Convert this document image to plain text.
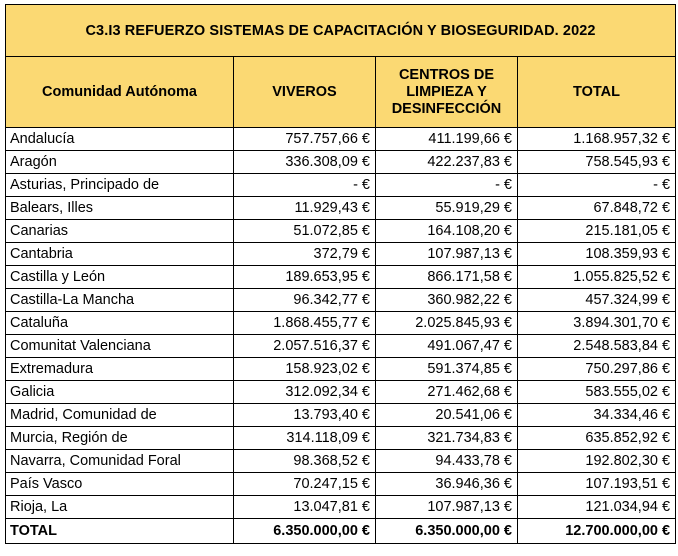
C3.I3 REFUERZO SISTEMAS DE CAPACITACIÓN Y BIOSEGURIDAD. 2022			
Comunidad Autónoma	VIVEROS	CENTROS DE LIMPIEZA Y DESINFECCIÓN	TOTAL
Andalucía	757.757,66 €	411.199,66 €	1.168.957,32 €
Aragón	336.308,09 €	422.237,83 €	758.545,93 €
Asturias, Principado de	- €	- €	- €
Balears, Illes	11.929,43 €	55.919,29 €	67.848,72 €
Canarias	51.072,85 €	164.108,20 €	215.181,05 €
Cantabria	372,79 €	107.987,13 €	108.359,93 €
Castilla y León	189.653,95 €	866.171,58 €	1.055.825,52 €
Castilla-La Mancha	96.342,77 €	360.982,22 €	457.324,99 €
Cataluña	1.868.455,77 €	2.025.845,93 €	3.894.301,70 €
Comunitat Valenciana	2.057.516,37 €	491.067,47 €	2.548.583,84 €
Extremadura	158.923,02 €	591.374,85 €	750.297,86 €
Galicia	312.092,34 €	271.462,68 €	583.555,02 €
Madrid, Comunidad de	13.793,40 €	20.541,06 €	34.334,46 €
Murcia, Región de	314.118,09 €	321.734,83 €	635.852,92 €
Navarra, Comunidad Foral	98.368,52 €	94.433,78 €	192.802,30 €
País Vasco	70.247,15 €	36.946,36 €	107.193,51 €
Rioja, La	13.047,81 €	107.987,13 €	121.034,94 €
TOTAL	6.350.000,00 €	6.350.000,00 €	12.700.000,00 €
